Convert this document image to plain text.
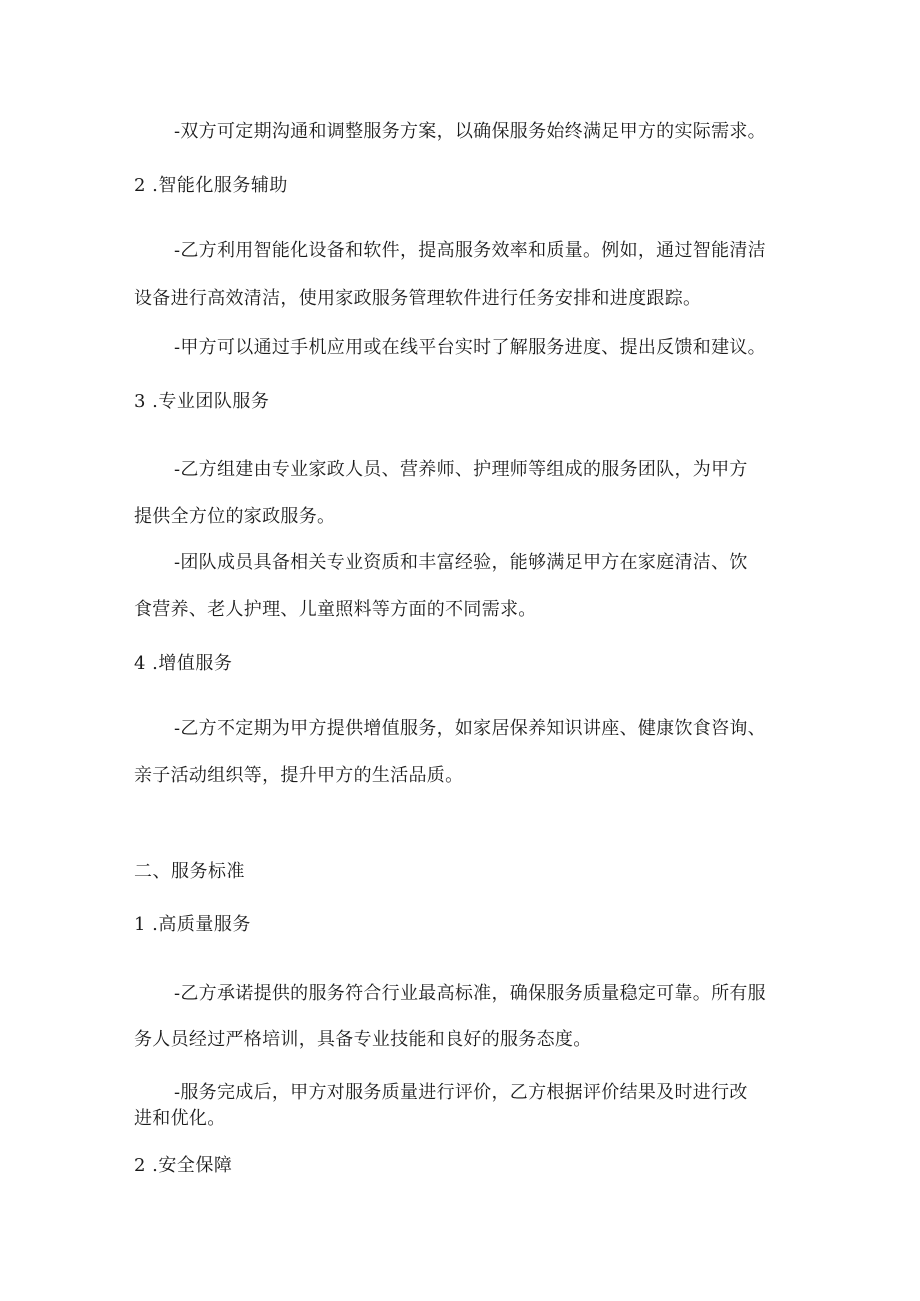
-双方可定期沟通和调整服务方案，以确保服务始终满足甲方的实际需求。
2 .智能化服务辅助
-乙方利用智能化设备和软件，提高服务效率和质量。例如，通过智能清洁
设备进行高效清洁，使用家政服务管理软件进行任务安排和进度跟踪。
-甲方可以通过手机应用或在线平台实时了解服务进度、提出反馈和建议。
3 .专业团队服务
-乙方组建由专业家政人员、营养师、护理师等组成的服务团队，为甲方
提供全方位的家政服务。
-团队成员具备相关专业资质和丰富经验，能够满足甲方在家庭清洁、饮
食营养、老人护理、儿童照料等方面的不同需求。
4 .增值服务
-乙方不定期为甲方提供增值服务，如家居保养知识讲座、健康饮食咨询、
亲子活动组织等，提升甲方的生活品质。
二、服务标准
1 .高质量服务
-乙方承诺提供的服务符合行业最高标准，确保服务质量稳定可靠。所有服
务人员经过严格培训，具备专业技能和良好的服务态度。
-服务完成后，甲方对服务质量进行评价，乙方根据评价结果及时进行改
进和优化。
2 .安全保障
